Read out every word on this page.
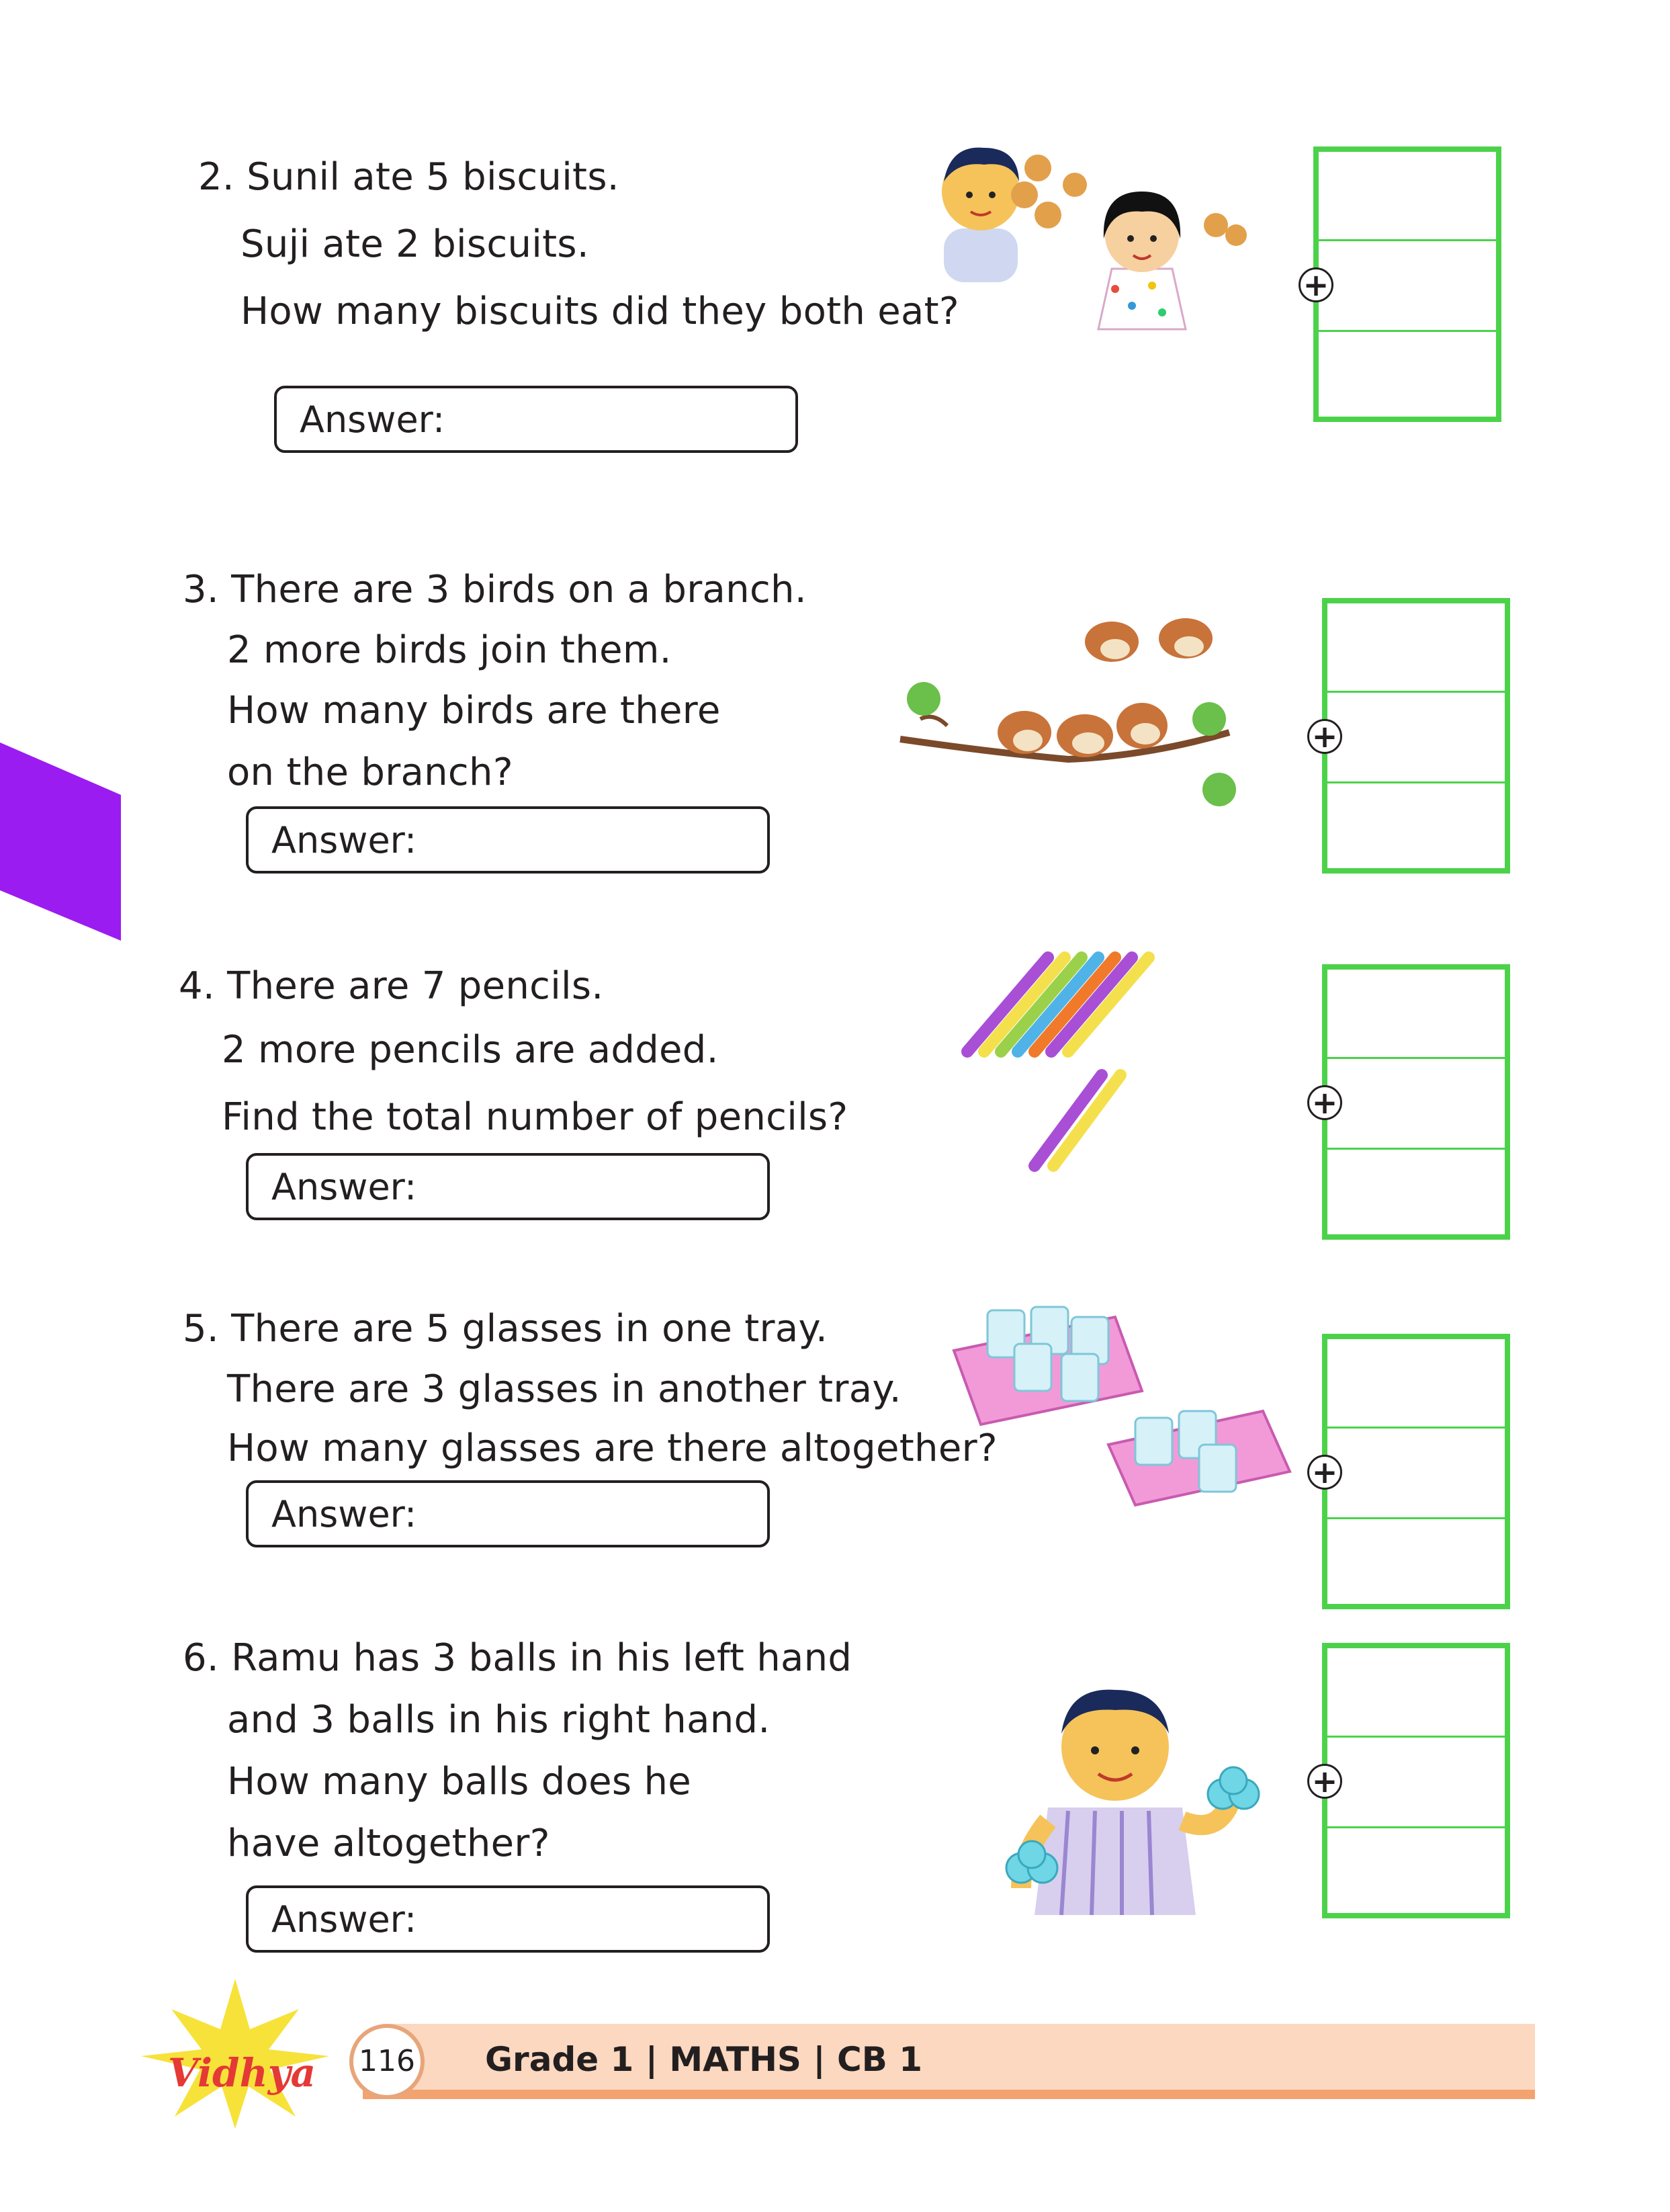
2. Sunil ate 5 biscuits.
Suji ate 2 biscuits.
How many biscuits did they both eat?
Answer:
+
3. There are 3 birds on a branch.
2 more birds join them.
How many birds are there
on the branch?
Answer:
+
4. There are 7 pencils.
2 more pencils are added.
Find the total number of pencils?
Answer:
+
5. There are 5 glasses in one tray.
There are 3 glasses in another tray.
How many glasses are there altogether?
Answer:
+
6. Ramu has 3 balls in his left hand
and 3 balls in his right hand.
How many balls does he
have altogether?
Answer:
+
116 Grade 1 | MATHS | CB 1
Vidhya
